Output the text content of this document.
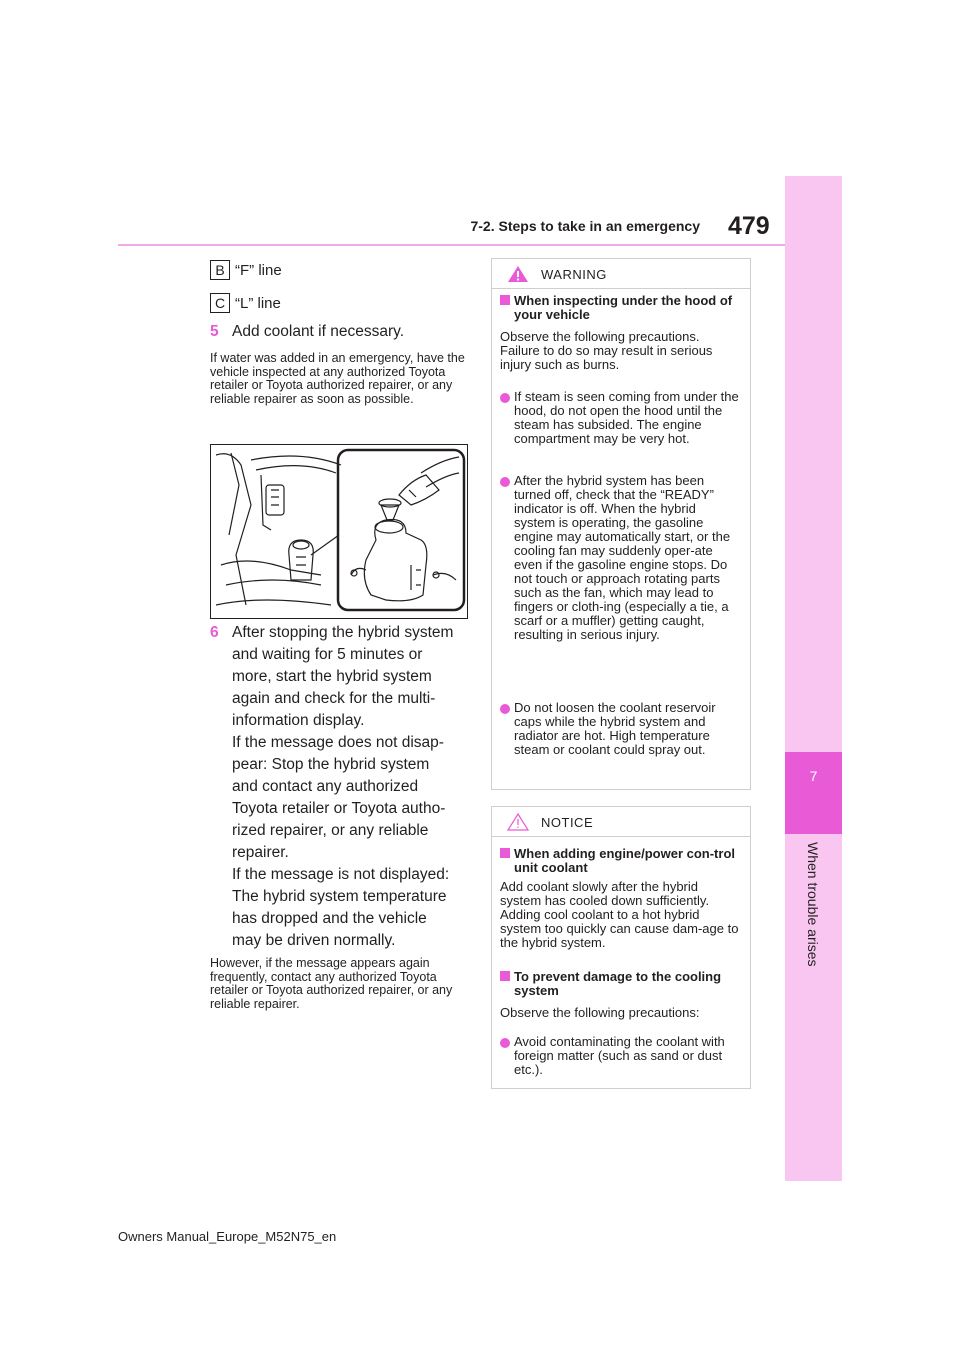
7
When trouble arises
7-2. Steps to take in an emergency 479
B “F” line
C “L” line
5 Add coolant if necessary.
If water was added in an emergency, have the vehicle inspected at any authorized Toyota retailer or Toyota authorized repairer, or any reliable repairer as soon as possible.
6 After stopping the hybrid system
and waiting for 5 minutes or
more, start the hybrid system
again and check for the multi-
information display.
If the message does not disap-
pear: Stop the hybrid system
and contact any authorized
Toyota retailer or Toyota autho-
rized repairer, or any reliable
repairer.
If the message is not displayed:
The hybrid system temperature
has dropped and the vehicle
may be driven normally.
However, if the message appears again frequently, contact any authorized Toyota retailer or Toyota authorized repairer, or any reliable repairer.
WARNING
When inspecting under the hood of your vehicle
Observe the following precautions. Failure to do so may result in serious injury such as burns.
If steam is seen coming from under the hood, do not open the hood until the steam has subsided. The engine compartment may be very hot.
After the hybrid system has been turned off, check that the “READY” indicator is off. When the hybrid system is operating, the gasoline engine may automatically start, or the cooling fan may suddenly oper-ate even if the gasoline engine stops. Do not touch or approach rotating parts such as the fan, which may lead to fingers or cloth-ing (especially a tie, a scarf or a muffler) getting caught, resulting in serious injury.
Do not loosen the coolant reservoir caps while the hybrid system and radiator are hot. High temperature steam or coolant could spray out.
NOTICE
When adding engine/power con-trol unit coolant
Add coolant slowly after the hybrid system has cooled down sufficiently. Adding cool coolant to a hot hybrid system too quickly can cause dam-age to the hybrid system.
To prevent damage to the cooling system
Observe the following precautions:
Avoid contaminating the coolant with foreign matter (such as sand or dust etc.).
Owners Manual_Europe_M52N75_en
